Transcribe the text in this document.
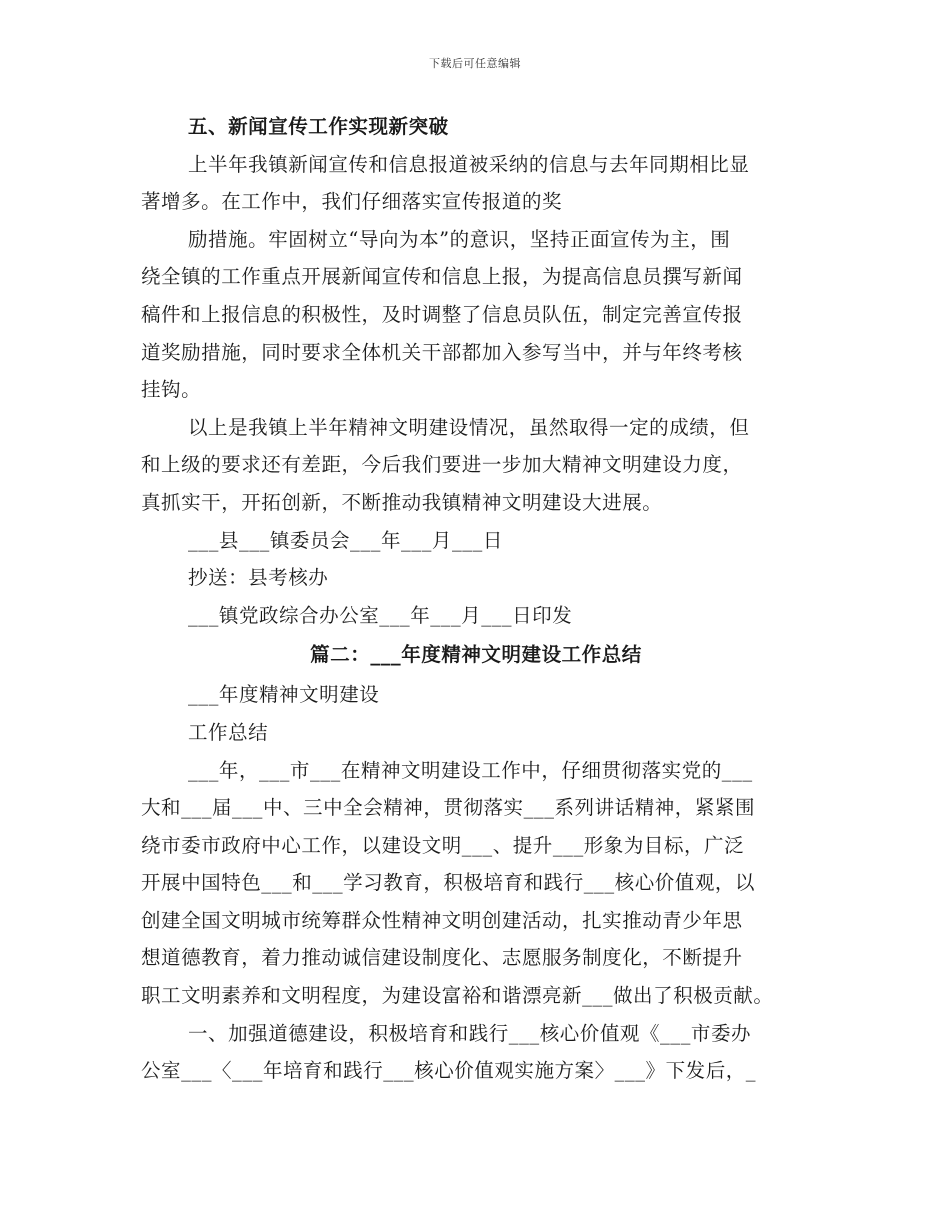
下载后可任意编辑
五、新闻宣传工作实现新突破
上半年我镇新闻宣传和信息报道被采纳的信息与去年同期相比显
著增多。在工作中，我们仔细落实宣传报道的奖
励措施。牢固树立“导向为本”的意识，坚持正面宣传为主，围
绕全镇的工作重点开展新闻宣传和信息上报，为提高信息员撰写新闻
稿件和上报信息的积极性，及时调整了信息员队伍，制定完善宣传报
道奖励措施，同时要求全体机关干部都加入参写当中，并与年终考核
挂钩。
以上是我镇上半年精神文明建设情况，虽然取得一定的成绩，但
和上级的要求还有差距，今后我们要进一步加大精神文明建设力度，
真抓实干，开拓创新，不断推动我镇精神文明建设大进展。
___县___镇委员会___年___月___日
抄送：县考核办
___镇党政综合办公室___年___月___日印发
篇二：___年度精神文明建设工作总结
___年度精神文明建设
工作总结
___年，___市___在精神文明建设工作中，仔细贯彻落实党的___
大和___届___中、三中全会精神，贯彻落实___系列讲话精神，紧紧围
绕市委市政府中心工作，以建设文明___、提升___形象为目标，广泛
开展中国特色___和___学习教育，积极培育和践行___核心价值观，以
创建全国文明城市统筹群众性精神文明创建活动，扎实推动青少年思
想道德教育，着力推动诚信建设制度化、志愿服务制度化，不断提升
职工文明素养和文明程度，为建设富裕和谐漂亮新___做出了积极贡献。
一、加强道德建设，积极培育和践行___核心价值观《___市委办
公室___〈___年培育和践行___核心价值观实施方案〉___》下发后，_
